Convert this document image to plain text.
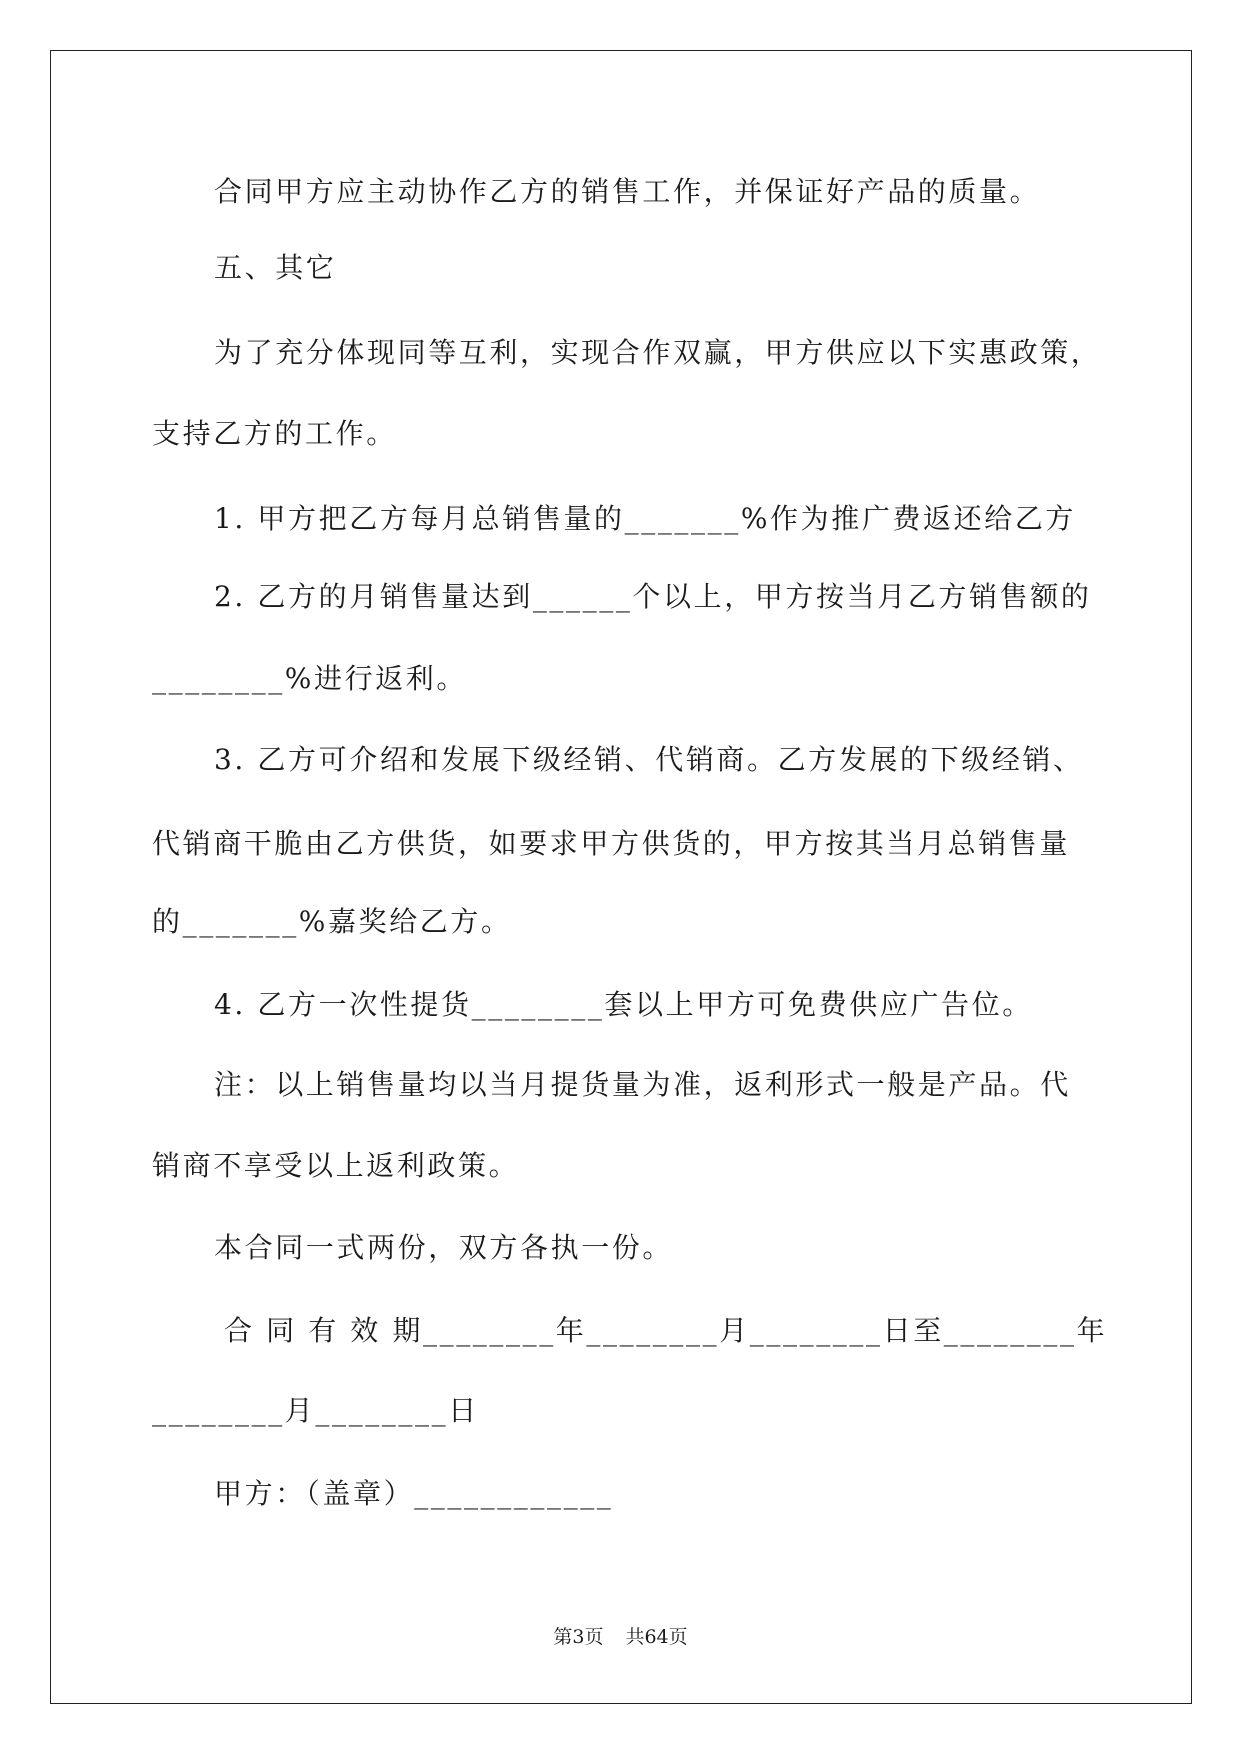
合同甲方应主动协作乙方的销售工作，并保证好产品的质量。
五、其它
为了充分体现同等互利，实现合作双赢，甲方供应以下实惠政策，
支持乙方的工作。
1. 甲方把乙方每月总销售量的_______%作为推广费返还给乙方
2. 乙方的月销售量达到______个以上，甲方按当月乙方销售额的
________%进行返利。
3. 乙方可介绍和发展下级经销、代销商。乙方发展的下级经销、
代销商干脆由乙方供货，如要求甲方供货的，甲方按其当月总销售量
的_______%嘉奖给乙方。
4. 乙方一次性提货________套以上甲方可免费供应广告位。
注：以上销售量均以当月提货量为准，返利形式一般是产品。代
销商不享受以上返利政策。
本合同一式两份，双方各执一份。
合 同 有 效 期________年________月________日至________年
________月________日
甲方：（盖章）____________
第3页 共64页
